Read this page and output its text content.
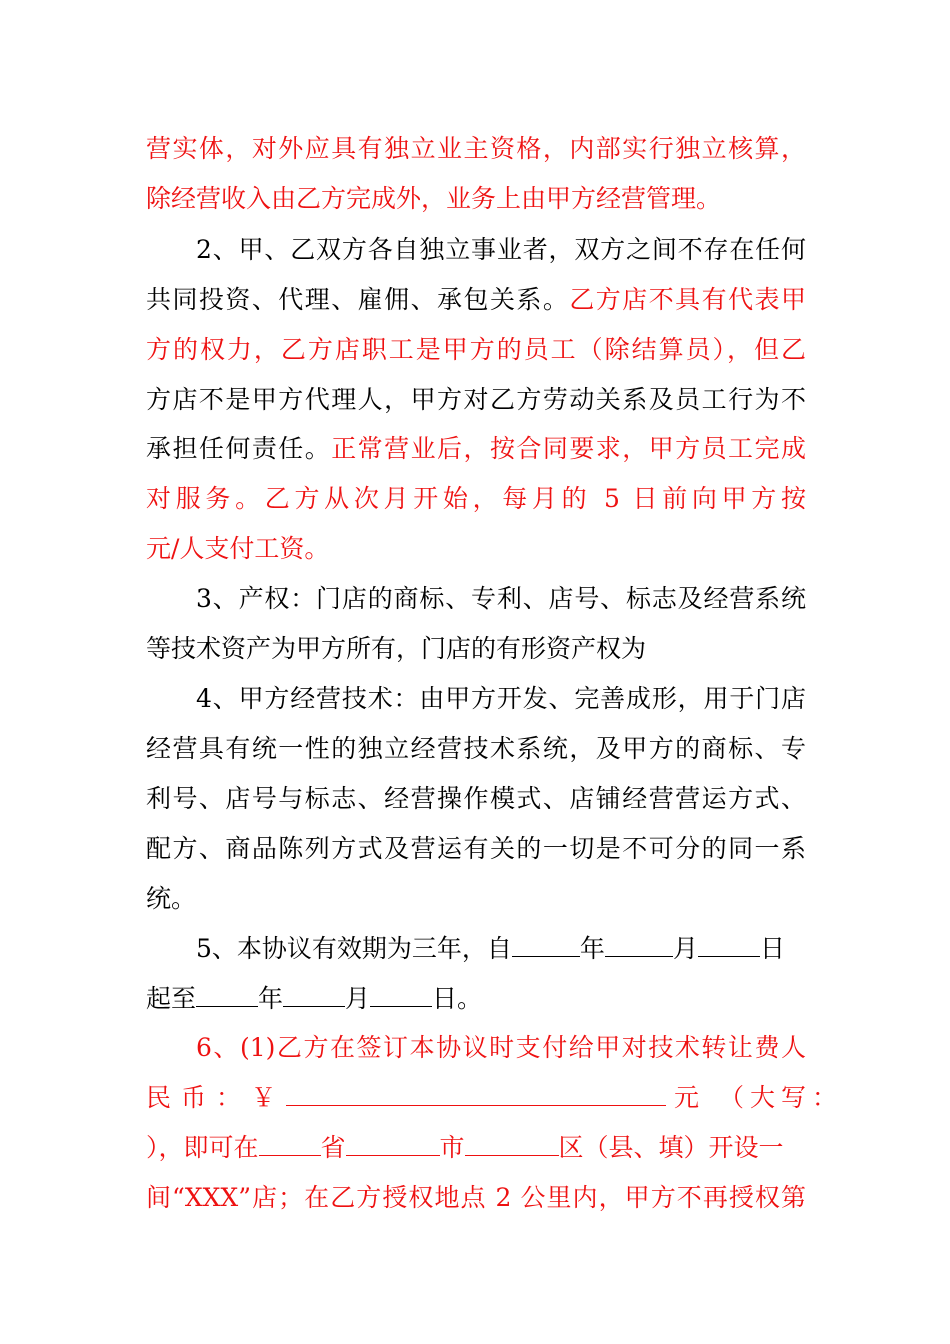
营实体，对外应具有独立业主资格，内部实行独立核算，
除经营收入由乙方完成外，业务上由甲方经营管理。
2、甲、乙双方各自独立事业者，双方之间不存在任何
共同投资、代理、雇佣、承包关系。乙方店不具有代表甲
方的权力，乙方店职工是甲方的员工（除结算员），但乙
方店不是甲方代理人，甲方对乙方劳动关系及员工行为不
承担任何责任。正常营业后，按合同要求，甲方员工完成
对服务。乙方从次月开始，每月的 5 日前向甲方按
元/人支付工资。
3、产权：门店的商标、专利、店号、标志及经营系统
等技术资产为甲方所有，门店的有形资产权为
4、甲方经营技术：由甲方开发、完善成形，用于门店
经营具有统一性的独立经营技术系统，及甲方的商标、专
利号、店号与标志、经营操作模式、店铺经营营运方式、
配方、商品陈列方式及营运有关的一切是不可分的同一系
统。
5、本协议有效期为三年，自	年	月 日
起至 年 月 日。
6、(1)乙方在签订本协议时支付给甲对技术转让费人
民币：￥	元 （大写：
），即可在 省	市	区（县、填）开设一
间“XXX”店；在乙方授权地点 2 公里内，甲方不再授权第
